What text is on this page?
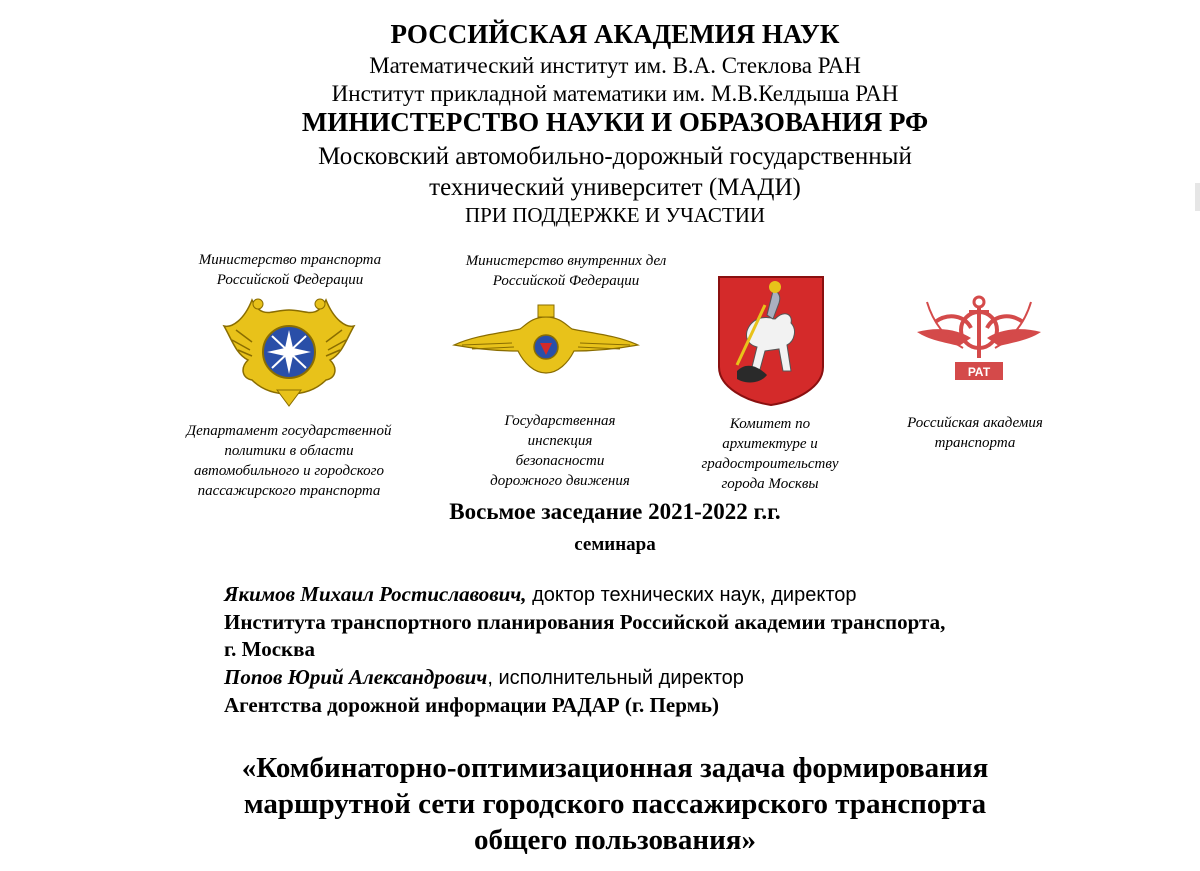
РОССИЙСКАЯ АКАДЕМИЯ НАУК
Математический институт им. В.А. Стеклова РАН
Институт прикладной математики им. М.В.Келдыша РАН
МИНИСТЕРСТВО НАУКИ И ОБРАЗОВАНИЯ РФ
Московский автомобильно-дорожный государственный
технический университет (МАДИ)
ПРИ ПОДДЕРЖКЕ И УЧАСТИИ
Министерство транспорта
Российской Федерации
Департамент государственной
политики в области
автомобильного и городского
пассажирского транспорта
Министерство внутренних дел
Российской Федерации
Государственная
инспекция
безопасности
дорожного движения
Комитет по
архитектуре и
градостроительству
города Москвы
РАТ
Российская академия
транспорта
Восьмое заседание 2021-2022 г.г.
семинара
Якимов Михаил Ростиславович, доктор технических наук, директор
Института транспортного планирования Российской академии транспорта,
г. Москва
Попов Юрий Александрович, исполнительный директор
Агентства дорожной информации РАДАР (г. Пермь)
«Комбинаторно-оптимизационная задача формирования
маршрутной сети городского пассажирского транспорта
общего пользования»
